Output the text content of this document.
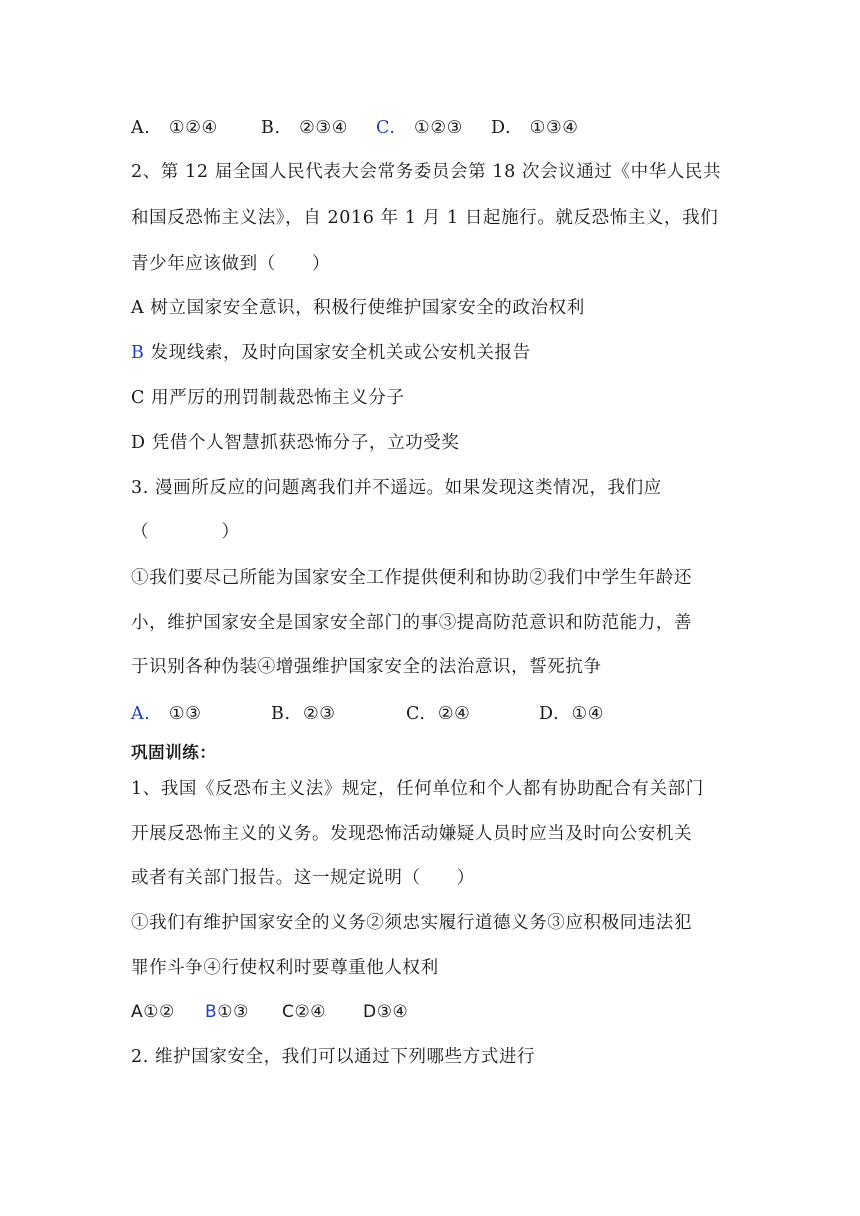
A. ①②④ B. ②③④ C. ①②③ D. ①③④
2、第 12 届全国人民代表大会常务委员会第 18 次会议通过《中华人民共
和国反恐怖主义法》，自 2016 年 1 月 1 日起施行。就反恐怖主义，我们
青少年应该做到（　　）
A 树立国家安全意识，积极行使维护国家安全的政治权利
B 发现线索，及时向国家安全机关或公安机关报告
C 用严厉的刑罚制裁恐怖主义分子
D 凭借个人智慧抓获恐怖分子，立功受奖
3. 漫画所反应的问题离我们并不遥远。如果发现这类情况，我们应
（　　　　）
①我们要尽己所能为国家安全工作提供便利和协助②我们中学生年龄还
小，维护国家安全是国家安全部门的事③提高防范意识和防范能力，善
于识别各种伪装④增强维护国家安全的法治意识，誓死抗争
A. ①③	B. ②③	C. ②④	D. ①④
巩固训练：
1、我国《反恐布主义法》规定，任何单位和个人都有协助配合有关部门
开展反恐怖主义的义务。发现恐怖活动嫌疑人员时应当及时向公安机关
或者有关部门报告。这一规定说明（　　）
①我们有维护国家安全的义务②须忠实履行道德义务③应积极同违法犯
罪作斗争④行使权利时要尊重他人权利
A①② B①③ C②④ D③④
2. 维护国家安全，我们可以通过下列哪些方式进行
